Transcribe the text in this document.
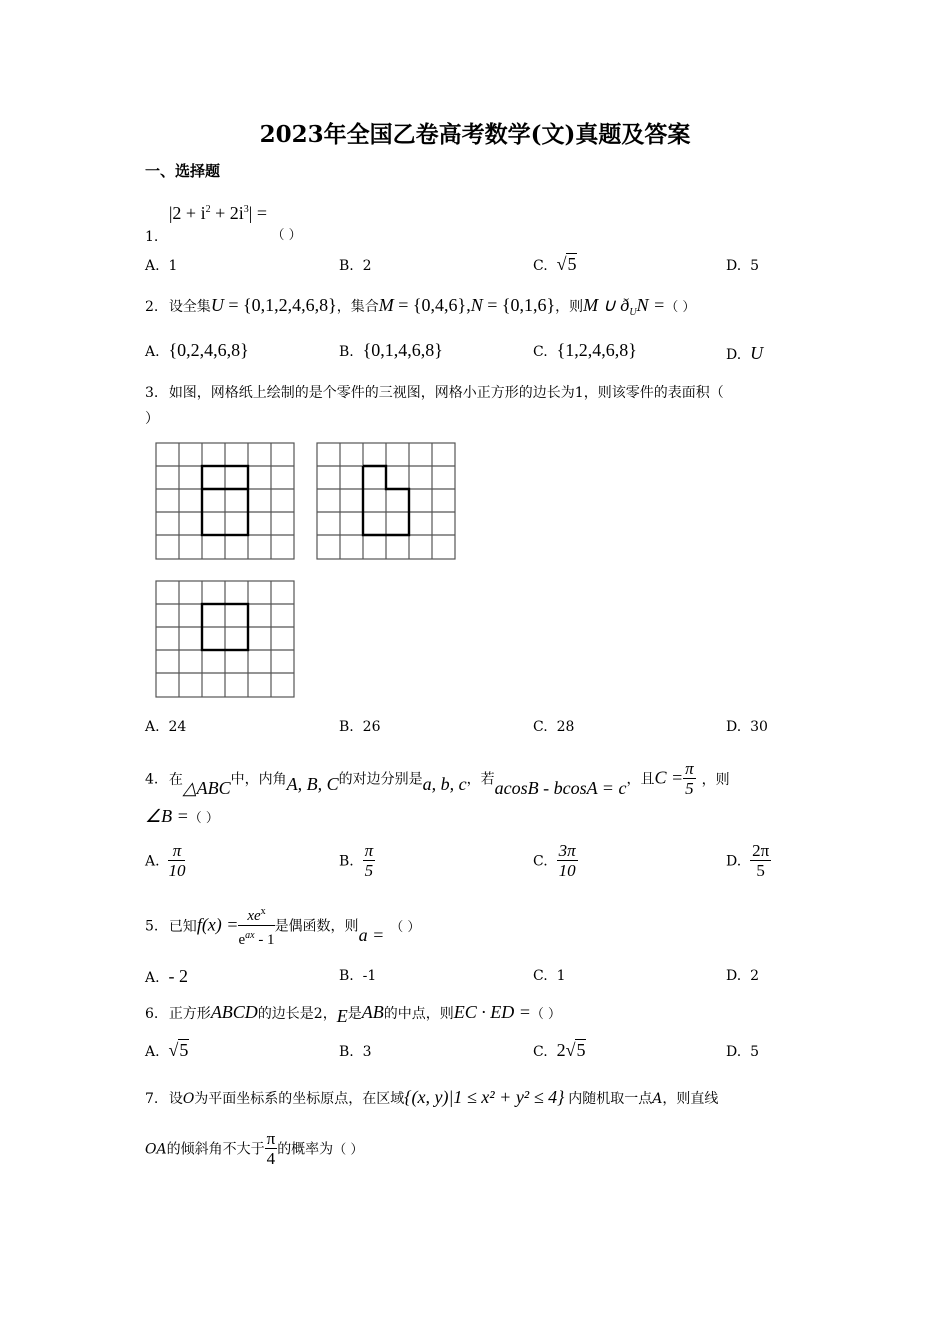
2023年全国乙卷高考数学(文)真题及答案
一、选择题
1. $|2 + i^2 + 2i^3|$ = （ ）
A. 1	B. 2	C. √5	D. 5
2. 设全集U = {0,1,2,4,6,8}，集合M = {0,4,6},N = {0,1,6}，则M ∪ $ð_UN$ =（ ）
A. {0,2,4,6,8}	B. {0,1,4,6,8}	C. {1,2,4,6,8}	D. U
3. 如图，网格纸上绘制的是个零件的三视图，网格小正方形的边长为1，则该零件的表面积（
）
A. 24	B. 26	C. 28	D. 30
4. 在△ABC中，内角A, B, C的对边分别是a, b, c，若acosB - bcosA = c，且$C = \frac{\pi}{5}$ ，则
∠B =（ ）
A. $\frac{\pi}{10}$	B. $\frac{\pi}{5}$	C. $\frac{3\pi}{10}$	D. $\frac{2\pi}{5}$
5. 已知$f(x) = \frac{xe^x}{e^{ax} - 1}$ 是偶函数，则a = （ ）
A. - 2	B. -1	C. 1	D. 2
6. 正方形ABCD的边长是2，E是AB的中点，则EC · ED =（ ）
A. √5	B. 3	C. 2√5	D. 5
7. 设O为平面坐标系的坐标原点，在区域{(x, y)|1 ≤ x² + y² ≤ 4} 内随机取一点A，则直线
OA的倾斜角不大于 $\frac{\pi}{4}$ 的概率为（ ）
